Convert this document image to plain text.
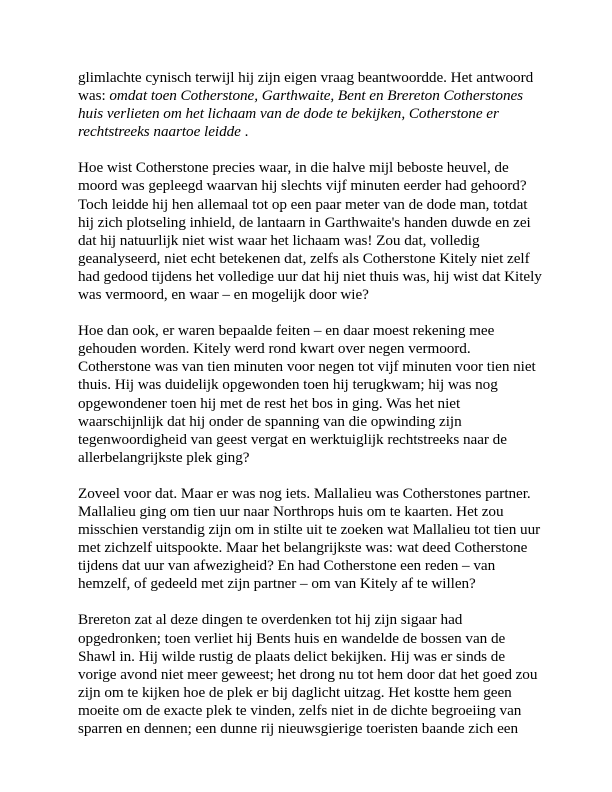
glimlachte cynisch terwijl hij zijn eigen vraag beantwoordde. Het antwoord was: omdat toen Cotherstone, Garthwaite, Bent en Brereton Cotherstones huis verlieten om het lichaam van de dode te bekijken, Cotherstone er rechtstreeks naartoe leidde .

Hoe wist Cotherstone precies waar, in die halve mijl beboste heuvel, de moord was gepleegd waarvan hij slechts vijf minuten eerder had gehoord? Toch leidde hij hen allemaal tot op een paar meter van de dode man, totdat hij zich plotseling inhield, de lantaarn in Garthwaite's handen duwde en zei dat hij natuurlijk niet wist waar het lichaam was! Zou dat, volledig geanalyseerd, niet echt betekenen dat, zelfs als Cotherstone Kitely niet zelf had gedood tijdens het volledige uur dat hij niet thuis was, hij wist dat Kitely was vermoord, en waar – en mogelijk door wie?

Hoe dan ook, er waren bepaalde feiten – en daar moest rekening mee gehouden worden. Kitely werd rond kwart over negen vermoord. Cotherstone was van tien minuten voor negen tot vijf minuten voor tien niet thuis. Hij was duidelijk opgewonden toen hij terugkwam; hij was nog opgewondener toen hij met de rest het bos in ging. Was het niet waarschijnlijk dat hij onder de spanning van die opwinding zijn tegenwoordigheid van geest vergat en werktuiglijk rechtstreeks naar de allerbelangrijkste plek ging?

Zoveel voor dat. Maar er was nog iets. Mallalieu was Cotherstones partner. Mallalieu ging om tien uur naar Northrops huis om te kaarten. Het zou misschien verstandig zijn om in stilte uit te zoeken wat Mallalieu tot tien uur met zichzelf uitspookte. Maar het belangrijkste was: wat deed Cotherstone tijdens dat uur van afwezigheid? En had Cotherstone een reden – van hemzelf, of gedeeld met zijn partner – om van Kitely af te willen?

Brereton zat al deze dingen te overdenken tot hij zijn sigaar had opgedronken; toen verliet hij Bents huis en wandelde de bossen van de Shawl in. Hij wilde rustig de plaats delict bekijken. Hij was er sinds de vorige avond niet meer geweest; het drong nu tot hem door dat het goed zou zijn om te kijken hoe de plek er bij daglicht uitzag. Het kostte hem geen moeite om de exacte plek te vinden, zelfs niet in de dichte begroeiing van sparren en dennen; een dunne rij nieuwsgierige toeristen baande zich een
